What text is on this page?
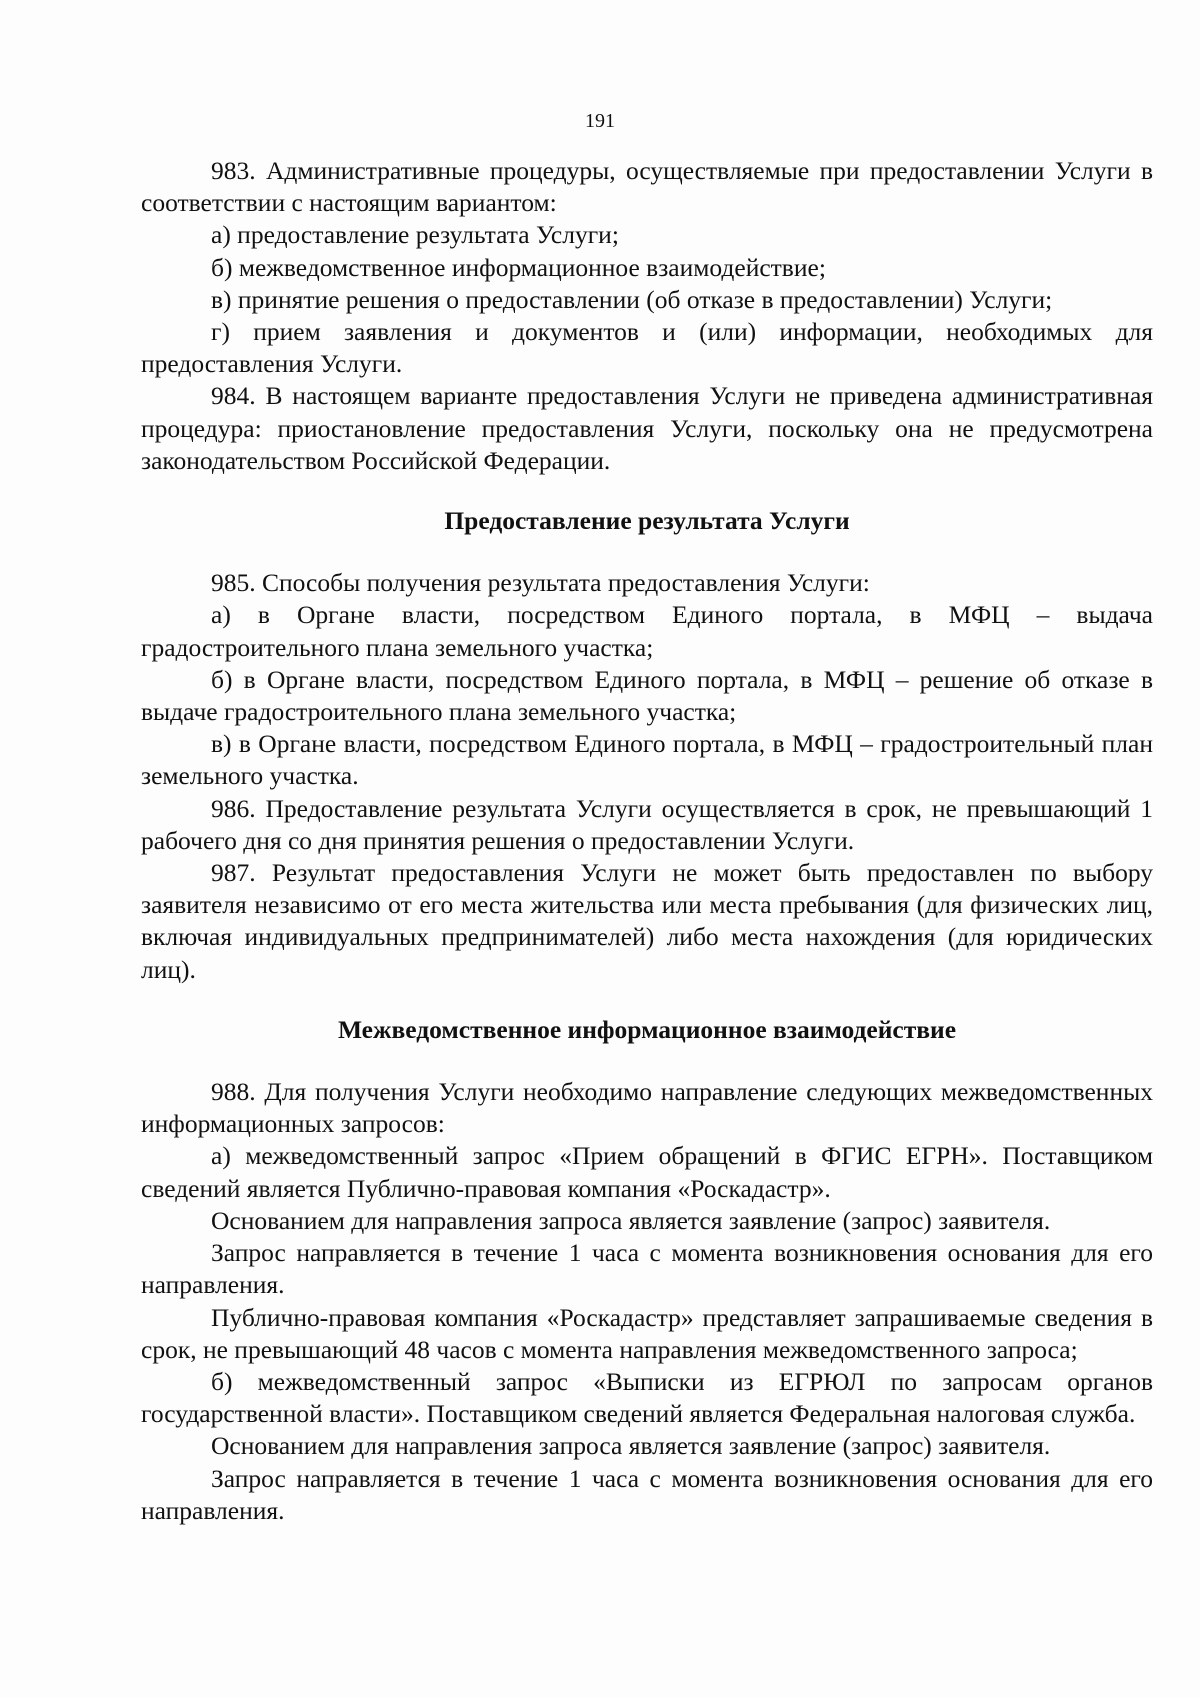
191

983. Административные процедуры, осуществляемые при предоставлении Услуги в соответствии с настоящим вариантом:

а) предоставление результата Услуги;

б) межведомственное информационное взаимодействие;

в) принятие решения о предоставлении (об отказе в предоставлении) Услуги;

г) прием заявления и документов и (или) информации, необходимых для предоставления Услуги.

984. В настоящем варианте предоставления Услуги не приведена административная процедура: приостановление предоставления Услуги, поскольку она не предусмотрена законодательством Российской Федерации.

Предоставление результата Услуги

985. Способы получения результата предоставления Услуги:

а) в Органе власти, посредством Единого портала, в МФЦ – выдача градостроительного плана земельного участка;

б) в Органе власти, посредством Единого портала, в МФЦ – решение об отказе в выдаче градостроительного плана земельного участка;

в) в Органе власти, посредством Единого портала, в МФЦ – градостроительный план земельного участка.

986. Предоставление результата Услуги осуществляется в срок, не превышающий 1 рабочего дня со дня принятия решения о предоставлении Услуги.

987. Результат предоставления Услуги не может быть предоставлен по выбору заявителя независимо от его места жительства или места пребывания (для физических лиц, включая индивидуальных предпринимателей) либо места нахождения (для юридических лиц).

Межведомственное информационное взаимодействие

988. Для получения Услуги необходимо направление следующих межведомственных информационных запросов:

а) межведомственный запрос «Прием обращений в ФГИС ЕГРН». Поставщиком сведений является Публично-правовая компания «Роскадастр».

Основанием для направления запроса является заявление (запрос) заявителя.

Запрос направляется в течение 1 часа с момента возникновения основания для его направления.

Публично-правовая компания «Роскадастр» представляет запрашиваемые сведения в срок, не превышающий 48 часов с момента направления межведомственного запроса;

б) межведомственный запрос «Выписки из ЕГРЮЛ по запросам органов государственной власти». Поставщиком сведений является Федеральная налоговая служба.

Основанием для направления запроса является заявление (запрос) заявителя.

Запрос направляется в течение 1 часа с момента возникновения основания для его направления.
